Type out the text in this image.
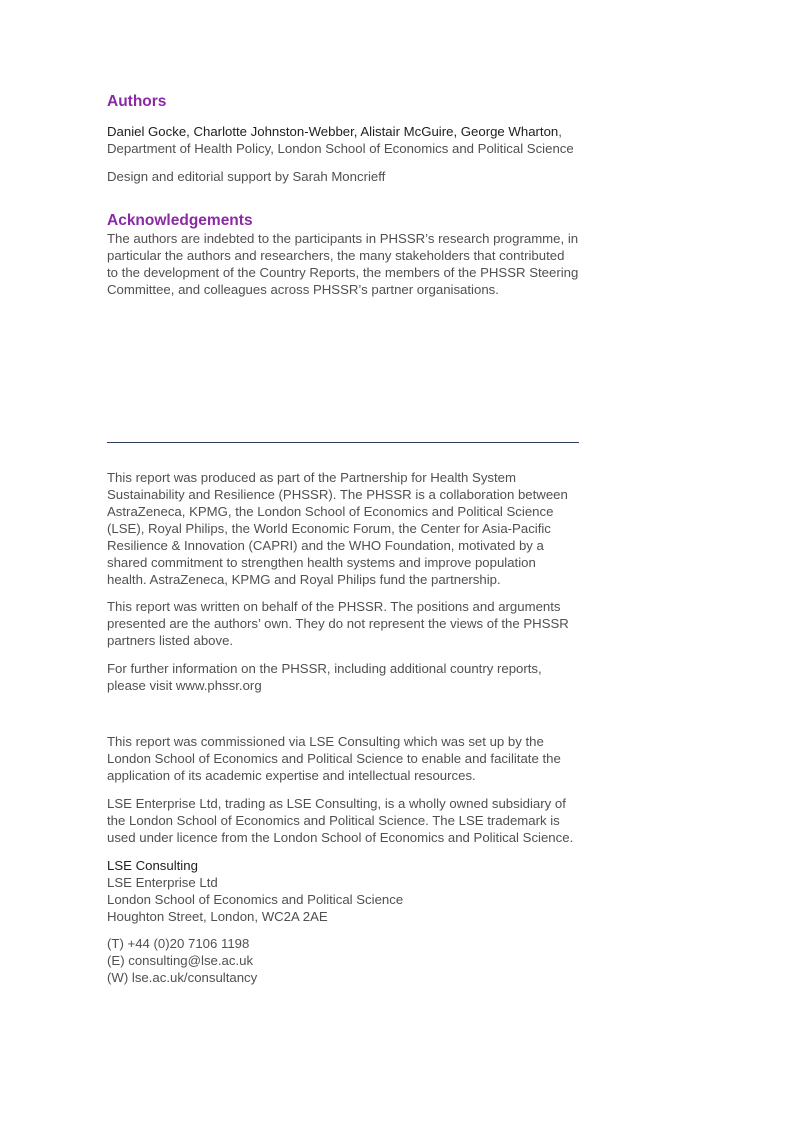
Authors

Daniel Gocke, Charlotte Johnston-Webber, Alistair McGuire, George Wharton,

Department of Health Policy, London School of Economics and Political Science

Design and editorial support by Sarah Moncrieff

Acknowledgements

The authors are indebted to the participants in PHSSR’s research programme, in
particular the authors and researchers, the many stakeholders that contributed
to the development of the Country Reports, the members of the PHSSR Steering
Committee, and colleagues across PHSSR’s partner organisations.

This report was produced as part of the Partnership for Health System
Sustainability and Resilience (PHSSR). The PHSSR is a collaboration between
AstraZeneca, KPMG, the London School of Economics and Political Science
(LSE), Royal Philips, the World Economic Forum, the Center for Asia-Pacific
Resilience & Innovation (CAPRI) and the WHO Foundation, motivated by a
shared commitment to strengthen health systems and improve population
health. AstraZeneca, KPMG and Royal Philips fund the partnership.

This report was written on behalf of the PHSSR. The positions and arguments
presented are the authors’ own. They do not represent the views of the PHSSR
partners listed above.

For further information on the PHSSR, including additional country reports,
please visit www.phssr.org

This report was commissioned via LSE Consulting which was set up by the
London School of Economics and Political Science to enable and facilitate the
application of its academic expertise and intellectual resources.

LSE Enterprise Ltd, trading as LSE Consulting, is a wholly owned subsidiary of
the London School of Economics and Political Science. The LSE trademark is
used under licence from the London School of Economics and Political Science.

LSE Consulting
LSE Enterprise Ltd
London School of Economics and Political Science
Houghton Street, London, WC2A 2AE

(T) +44 (0)20 7106 1198
(E) consulting@lse.ac.uk
(W) lse.ac.uk/consultancy
